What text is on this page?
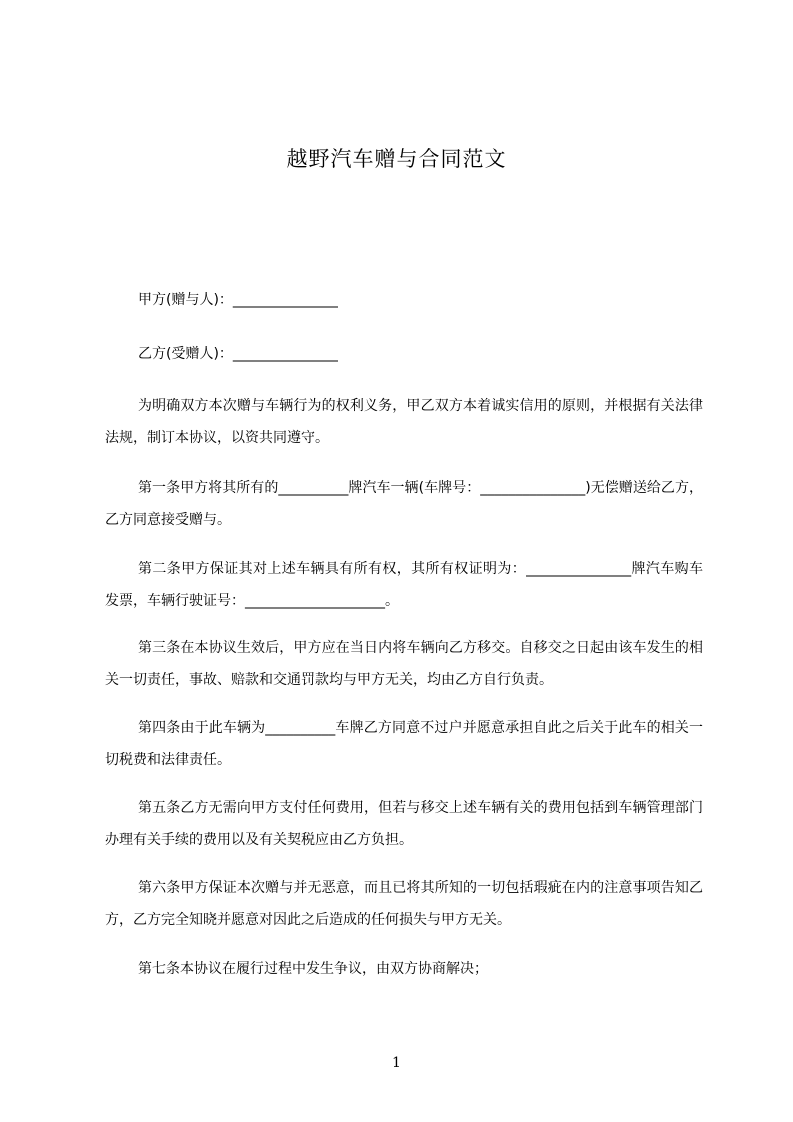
越野汽车赠与合同范文

甲方(赠与人)：_______________

乙方(受赠人)：_______________

为明确双方本次赠与车辆行为的权利义务，甲乙双方本着诚实信用的原则，并根据有关法律法规，制订本协议，以资共同遵守。

第一条甲方将其所有的__________牌汽车一辆(车牌号：_______________)无偿赠送给乙方，乙方同意接受赠与。

第二条甲方保证其对上述车辆具有所有权，其所有权证明为：_______________牌汽车购车发票，车辆行驶证号：____________________。

第三条在本协议生效后，甲方应在当日内将车辆向乙方移交。自移交之日起由该车发生的相关一切责任，事故、赔款和交通罚款均与甲方无关，均由乙方自行负责。

第四条由于此车辆为__________车牌乙方同意不过户并愿意承担自此之后关于此车的相关一切税费和法律责任。

第五条乙方无需向甲方支付任何费用，但若与移交上述车辆有关的费用包括到车辆管理部门办理有关手续的费用以及有关契税应由乙方负担。

第六条甲方保证本次赠与并无恶意，而且已将其所知的一切包括瑕疵在内的注意事项告知乙方，乙方完全知晓并愿意对因此之后造成的任何损失与甲方无关。

第七条本协议在履行过程中发生争议，由双方协商解决；

1
